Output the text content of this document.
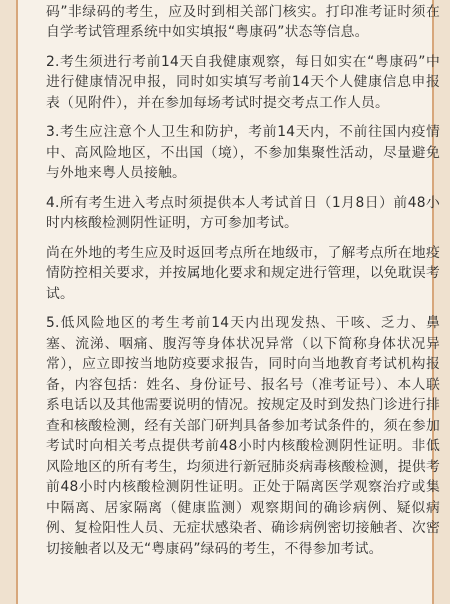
码”非绿码的考生，应及时到相关部门核实。打印准考证时须在自学考试管理系统中如实填报“粤康码”状态等信息。

2.考生须进行考前14天自我健康观察，每日如实在“粤康码”中进行健康情况申报，同时如实填写考前14天个人健康信息申报表（见附件），并在参加每场考试时提交考点工作人员。

3.考生应注意个人卫生和防护，考前14天内，不前往国内疫情中、高风险地区，不出国（境），不参加集聚性活动，尽量避免与外地来粤人员接触。

4.所有考生进入考点时须提供本人考试首日（1月8日）前48小时内核酸检测阴性证明，方可参加考试。

尚在外地的考生应及时返回考点所在地级市，了解考点所在地疫情防控相关要求，并按属地化要求和规定进行管理，以免耽误考试。

5.低风险地区的考生考前14天内出现发热、干咳、乏力、鼻塞、流涕、咽痛、腹泻等身体状况异常（以下简称身体状况异常），应立即按当地防疫要求报告，同时向当地教育考试机构报备，内容包括：姓名、身份证号、报名号（准考证号）、本人联系电话以及其他需要说明的情况。按规定及时到发热门诊进行排查和核酸检测，经有关部门研判具备参加考试条件的，须在参加考试时向相关考点提供考前48小时内核酸检测阴性证明。非低风险地区的所有考生，均须进行新冠肺炎病毒核酸检测，提供考前48小时内核酸检测阴性证明。正处于隔离医学观察治疗或集中隔离、居家隔离（健康监测）观察期间的确诊病例、疑似病例、复检阳性人员、无症状感染者、确诊病例密切接触者、次密切接触者以及无“粤康码”绿码的考生，不得参加考试。
